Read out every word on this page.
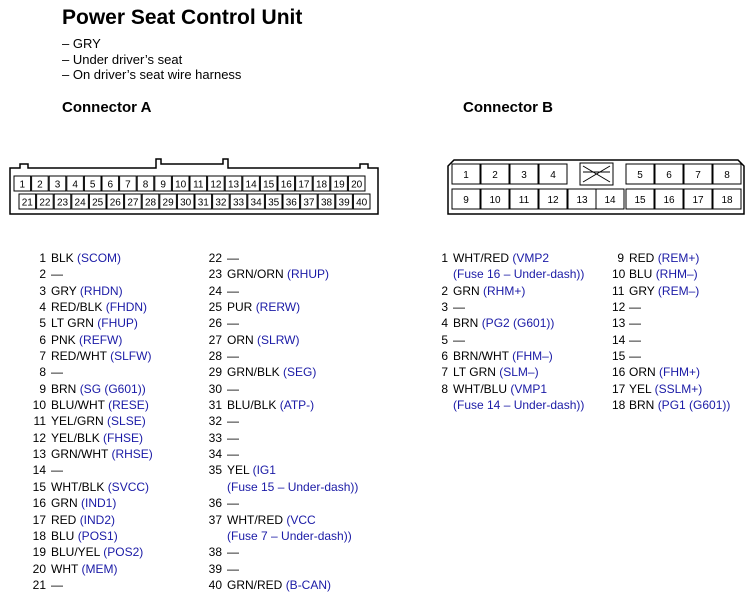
Power Seat Control Unit
– GRY
– Under driver’s seat
– On driver’s seat wire harness
Connector A	Connector B
1 2 3 4 5 6 7 8 9 10 11 12 13 14 15 16 17 18 19 20
21 22 23 24 25 26 27 28 29 30 31 32 33 34 35 36 37 38 39 40
1 2 3 4	5 6 7 8
9 10 11 12 13 14 15 16 17 18
1 BLK (SCOM)
2 —
3 GRY (RHDN)
4 RED/BLK (FHDN)
5 LT GRN (FHUP)
6 PNK (REFW)
7 RED/WHT (SLFW)
8 —
9 BRN (SG (G601))
10 BLU/WHT (RESE)
11 YEL/GRN (SLSE)
12 YEL/BLK (FHSE)
13 GRN/WHT (RHSE)
14 —
15 WHT/BLK (SVCC)
16 GRN (IND1)
17 RED (IND2)
18 BLU (POS1)
19 BLU/YEL (POS2)
20 WHT (MEM)
21 —
22 —
23 GRN/ORN (RHUP)
24 —
25 PUR (RERW)
26 —
27 ORN (SLRW)
28 —
29 GRN/BLK (SEG)
30 —
31 BLU/BLK (ATP-)
32 —
33 —
34 —
35 YEL (IG1
(Fuse 15 – Under-dash))
36 —
37 WHT/RED (VCC
(Fuse 7 – Under-dash))
38 —
39 —
40 GRN/RED (B-CAN)
1 WHT/RED (VMP2
(Fuse 16 – Under-dash))
2 GRN (RHM+)
3 —
4 BRN (PG2 (G601))
5 —
6 BRN/WHT (FHM–)
7 LT GRN (SLM–)
8 WHT/BLU (VMP1
(Fuse 14 – Under-dash))
9 RED (REM+)
10 BLU (RHM–)
11 GRY (REM–)
12 —
13 —
14 —
15 —
16 ORN (FHM+)
17 YEL (SSLM+)
18 BRN (PG1 (G601))
